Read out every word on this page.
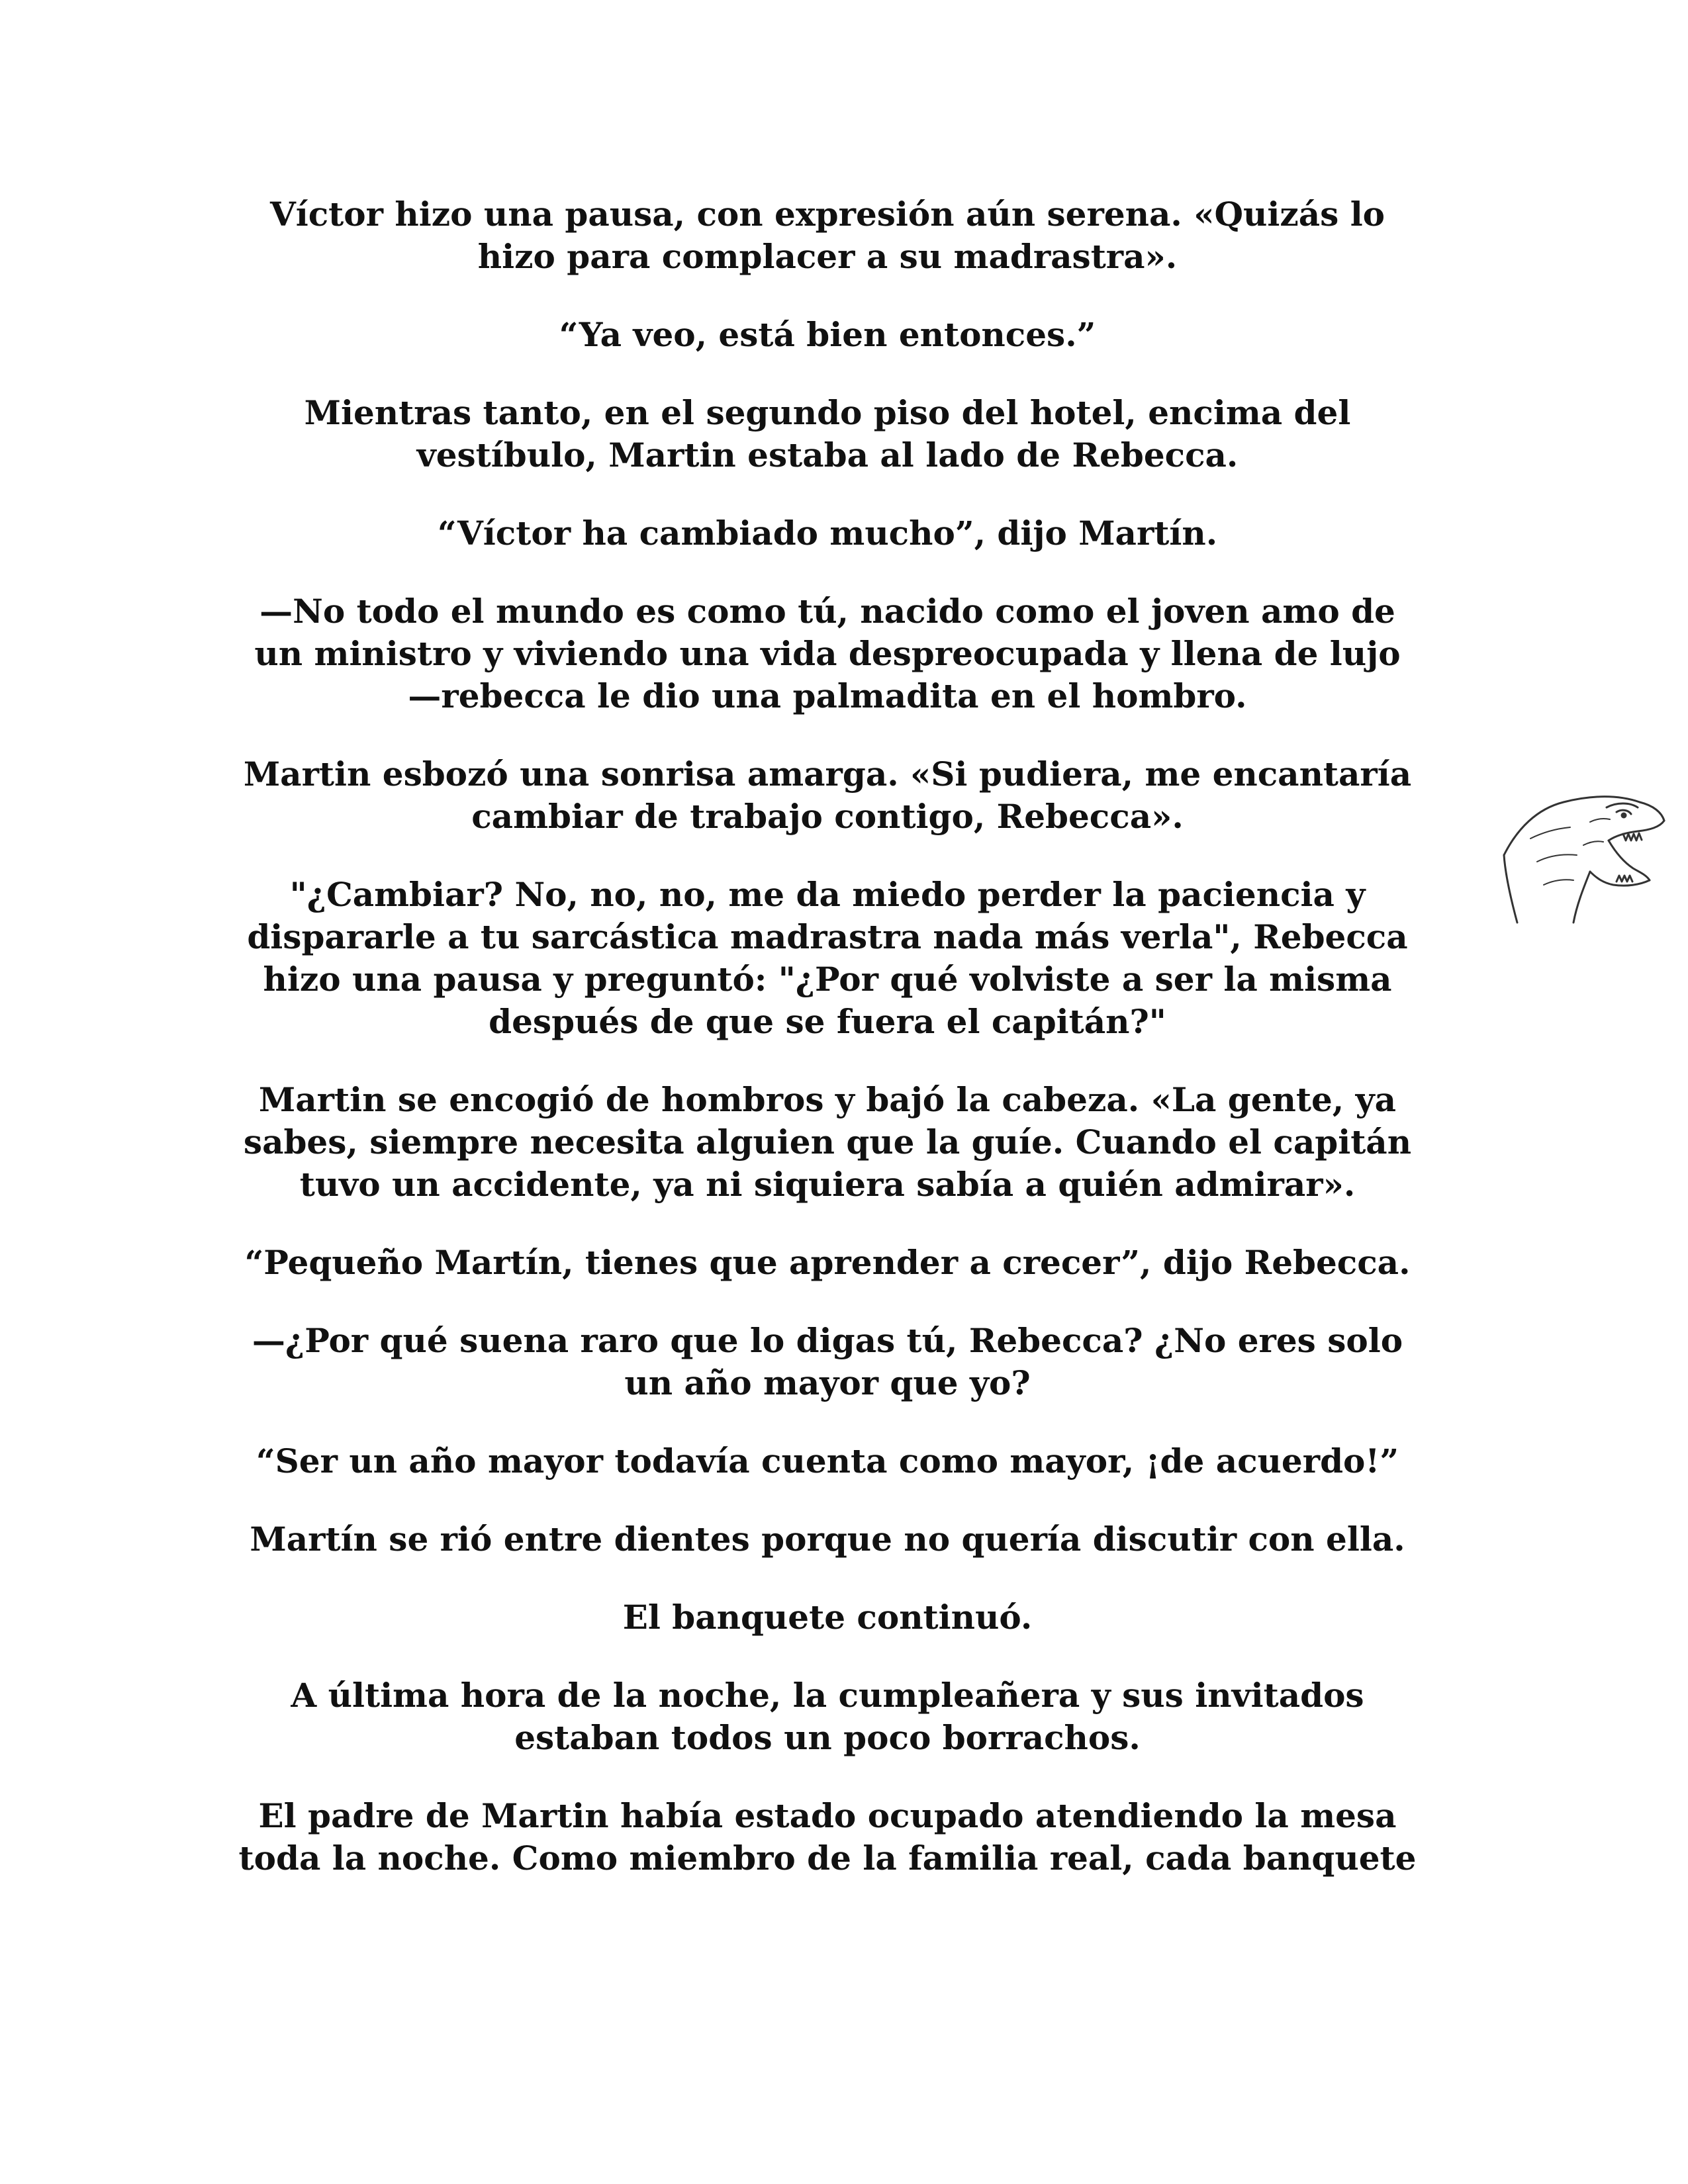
Víctor hizo una pausa, con expresión aún serena. «Quizás lo
hizo para complacer a su madrastra».

“Ya veo, está bien entonces.”

Mientras tanto, en el segundo piso del hotel, encima del
vestíbulo, Martin estaba al lado de Rebecca.

“Víctor ha cambiado mucho”, dijo Martín.

—No todo el mundo es como tú, nacido como el joven amo de
un ministro y viviendo una vida despreocupada y llena de lujo
—rebecca le dio una palmadita en el hombro.

Martin esbozó una sonrisa amarga. «Si pudiera, me encantaría
cambiar de trabajo contigo, Rebecca».

"¿Cambiar? No, no, no, me da miedo perder la paciencia y
dispararle a tu sarcástica madrastra nada más verla", Rebecca
hizo una pausa y preguntó: "¿Por qué volviste a ser la misma
después de que se fuera el capitán?"

Martin se encogió de hombros y bajó la cabeza. «La gente, ya
sabes, siempre necesita alguien que la guíe. Cuando el capitán
tuvo un accidente, ya ni siquiera sabía a quién admirar».

“Pequeño Martín, tienes que aprender a crecer”, dijo Rebecca.

—¿Por qué suena raro que lo digas tú, Rebecca? ¿No eres solo
un año mayor que yo?

“Ser un año mayor todavía cuenta como mayor, ¡de acuerdo!”

Martín se rió entre dientes porque no quería discutir con ella.

El banquete continuó.

A última hora de la noche, la cumpleañera y sus invitados
estaban todos un poco borrachos.

El padre de Martin había estado ocupado atendiendo la mesa
toda la noche. Como miembro de la familia real, cada banquete
